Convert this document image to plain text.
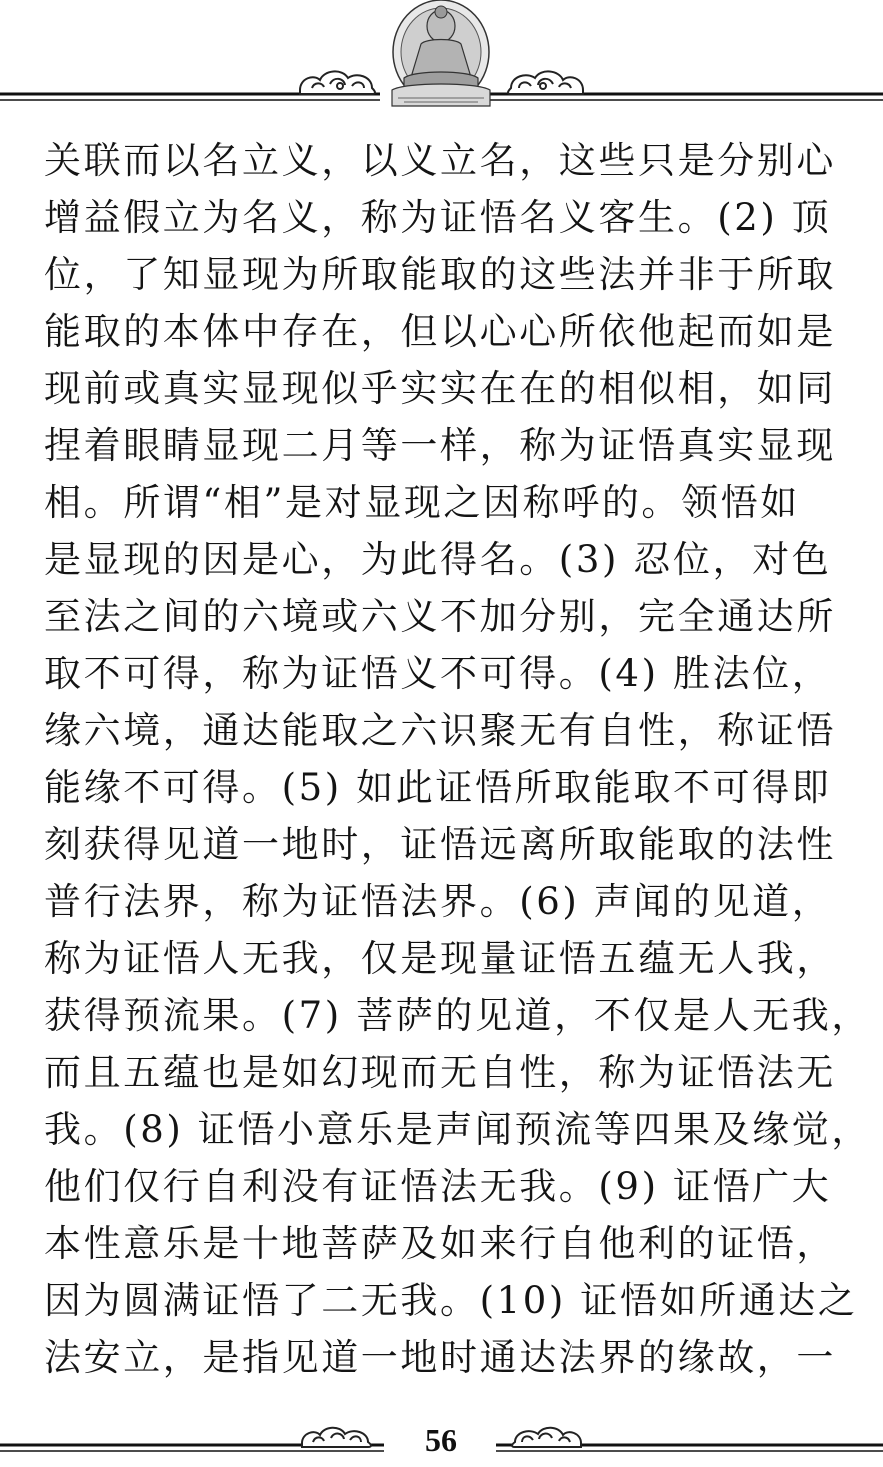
关联而以名立义，以义立名，这些只是分别心
增益假立为名义，称为证悟名义客生。(2) 顶
位，了知显现为所取能取的这些法并非于所取
能取的本体中存在，但以心心所依他起而如是
现前或真实显现似乎实实在在的相似相，如同
捏着眼睛显现二月等一样，称为证悟真实显现
相。所谓“相”是对显现之因称呼的。领悟如
是显现的因是心，为此得名。(3) 忍位，对色
至法之间的六境或六义不加分别，完全通达所
取不可得，称为证悟义不可得。(4) 胜法位，
缘六境，通达能取之六识聚无有自性，称证悟
能缘不可得。(5) 如此证悟所取能取不可得即
刻获得见道一地时，证悟远离所取能取的法性
普行法界，称为证悟法界。(6) 声闻的见道，
称为证悟人无我，仅是现量证悟五蕴无人我，
获得预流果。(7) 菩萨的见道，不仅是人无我，
而且五蕴也是如幻现而无自性，称为证悟法无
我。(8) 证悟小意乐是声闻预流等四果及缘觉，
他们仅行自利没有证悟法无我。(9) 证悟广大
本性意乐是十地菩萨及如来行自他利的证悟，
因为圆满证悟了二无我。(10) 证悟如所通达之
法安立，是指见道一地时通达法界的缘故，一
56
